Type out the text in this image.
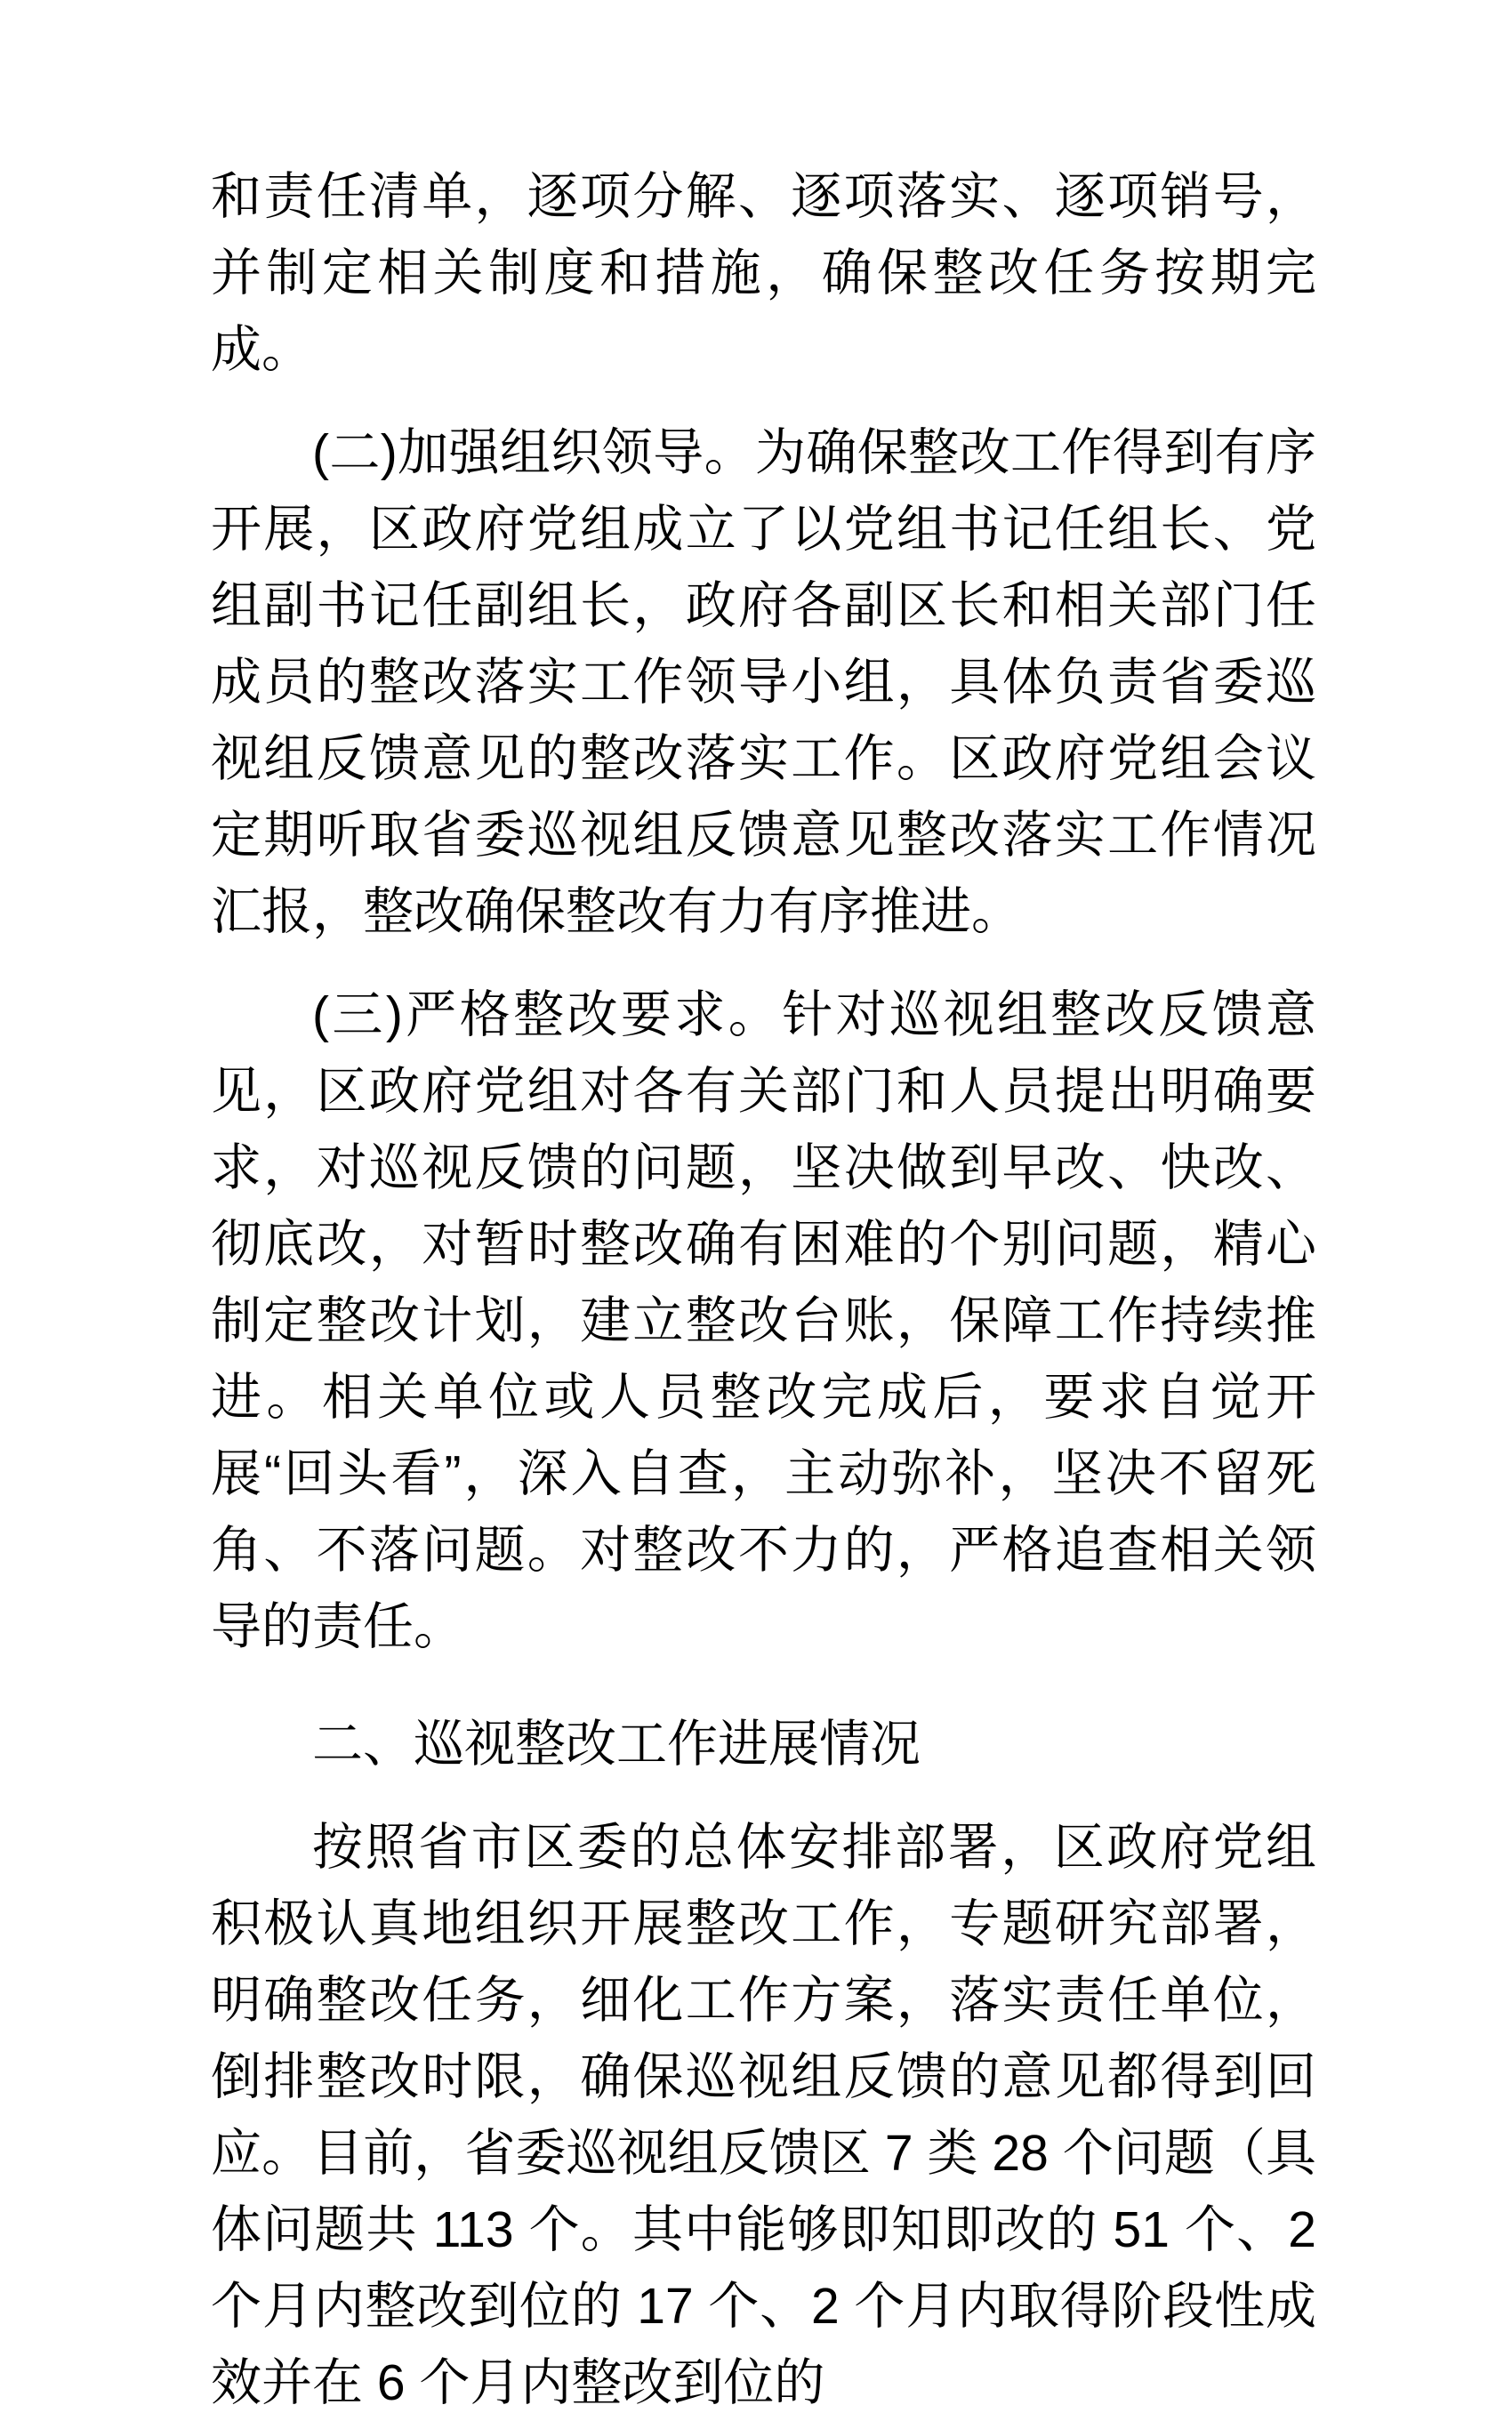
和责任清单，逐项分解、逐项落实、逐项销号，并制定相关制度和措施，确保整改任务按期完成。

(二)加强组织领导。为确保整改工作得到有序开展，区政府党组成立了以党组书记任组长、党组副书记任副组长，政府各副区长和相关部门任成员的整改落实工作领导小组，具体负责省委巡视组反馈意见的整改落实工作。区政府党组会议定期听取省委巡视组反馈意见整改落实工作情况汇报，整改确保整改有力有序推进。

(三)严格整改要求。针对巡视组整改反馈意见，区政府党组对各有关部门和人员提出明确要求，对巡视反馈的问题，坚决做到早改、快改、彻底改，对暂时整改确有困难的个别问题，精心制定整改计划，建立整改台账，保障工作持续推进。相关单位或人员整改完成后，要求自觉开展“回头看”，深入自查，主动弥补，坚决不留死角、不落问题。对整改不力的，严格追查相关领导的责任。

二、巡视整改工作进展情况

按照省市区委的总体安排部署，区政府党组积极认真地组织开展整改工作，专题研究部署，明确整改任务，细化工作方案，落实责任单位，倒排整改时限，确保巡视组反馈的意见都得到回应。目前，省委巡视组反馈区 7 类 28 个问题（具体问题共 113 个。其中能够即知即改的 51 个、2 个月内整改到位的 17 个、2 个月内取得阶段性成效并在 6 个月内整改到位的
